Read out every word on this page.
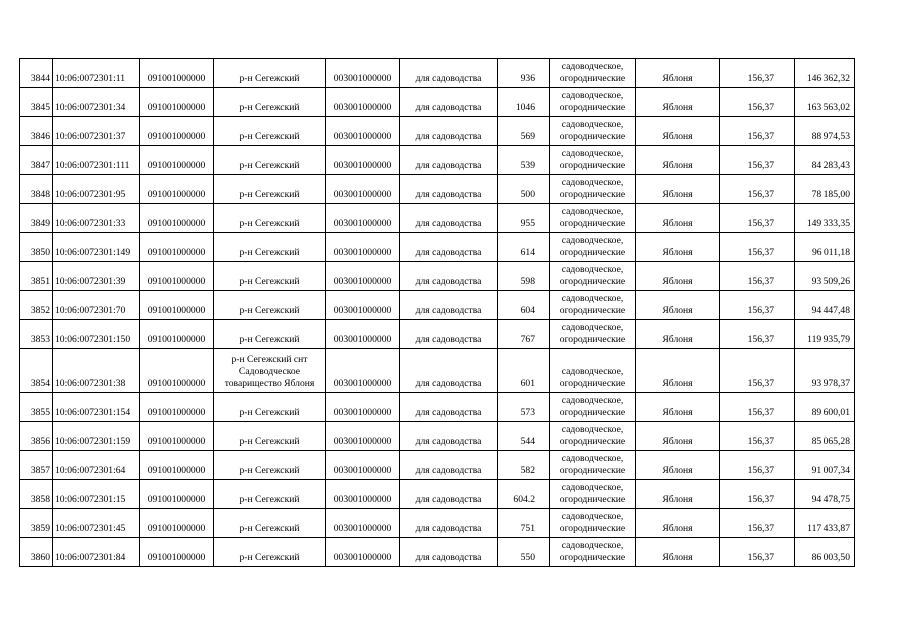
3844	10:06:0072301:11	091001000000	р-н Сегежский	003001000000	для садоводства	936	садоводческое,
огороднические	Яблоня	156,37	146 362,32
3845	10:06:0072301:34	091001000000	р-н Сегежский	003001000000	для садоводства	1046	садоводческое,
огороднические	Яблоня	156,37	163 563,02
3846	10:06:0072301:37	091001000000	р-н Сегежский	003001000000	для садоводства	569	садоводческое,
огороднические	Яблоня	156,37	88 974,53
3847	10:06:0072301:111	091001000000	р-н Сегежский	003001000000	для садоводства	539	садоводческое,
огороднические	Яблоня	156,37	84 283,43
3848	10:06:0072301:95	091001000000	р-н Сегежский	003001000000	для садоводства	500	садоводческое,
огороднические	Яблоня	156,37	78 185,00
3849	10:06:0072301:33	091001000000	р-н Сегежский	003001000000	для садоводства	955	садоводческое,
огороднические	Яблоня	156,37	149 333,35
3850	10:06:0072301:149	091001000000	р-н Сегежский	003001000000	для садоводства	614	садоводческое,
огороднические	Яблоня	156,37	96 011,18
3851	10:06:0072301:39	091001000000	р-н Сегежский	003001000000	для садоводства	598	садоводческое,
огороднические	Яблоня	156,37	93 509,26
3852	10:06:0072301:70	091001000000	р-н Сегежский	003001000000	для садоводства	604	садоводческое,
огороднические	Яблоня	156,37	94 447,48
3853	10:06:0072301:150	091001000000	р-н Сегежский	003001000000	для садоводства	767	садоводческое,
огороднические	Яблоня	156,37	119 935,79
3854	10:06:0072301:38	091001000000	р-н Сегежский снт
Садоводческое
товарищество Яблоня	003001000000	для садоводства	601	садоводческое,
огороднические	Яблоня	156,37	93 978,37
3855	10:06:0072301:154	091001000000	р-н Сегежский	003001000000	для садоводства	573	садоводческое,
огороднические	Яблоня	156,37	89 600,01
3856	10:06:0072301:159	091001000000	р-н Сегежский	003001000000	для садоводства	544	садоводческое,
огороднические	Яблоня	156,37	85 065,28
3857	10:06:0072301:64	091001000000	р-н Сегежский	003001000000	для садоводства	582	садоводческое,
огороднические	Яблоня	156,37	91 007,34
3858	10:06:0072301:15	091001000000	р-н Сегежский	003001000000	для садоводства	604.2	садоводческое,
огороднические	Яблоня	156,37	94 478,75
3859	10:06:0072301:45	091001000000	р-н Сегежский	003001000000	для садоводства	751	садоводческое,
огороднические	Яблоня	156,37	117 433,87
3860	10:06:0072301:84	091001000000	р-н Сегежский	003001000000	для садоводства	550	садоводческое,
огороднические	Яблоня	156,37	86 003,50
